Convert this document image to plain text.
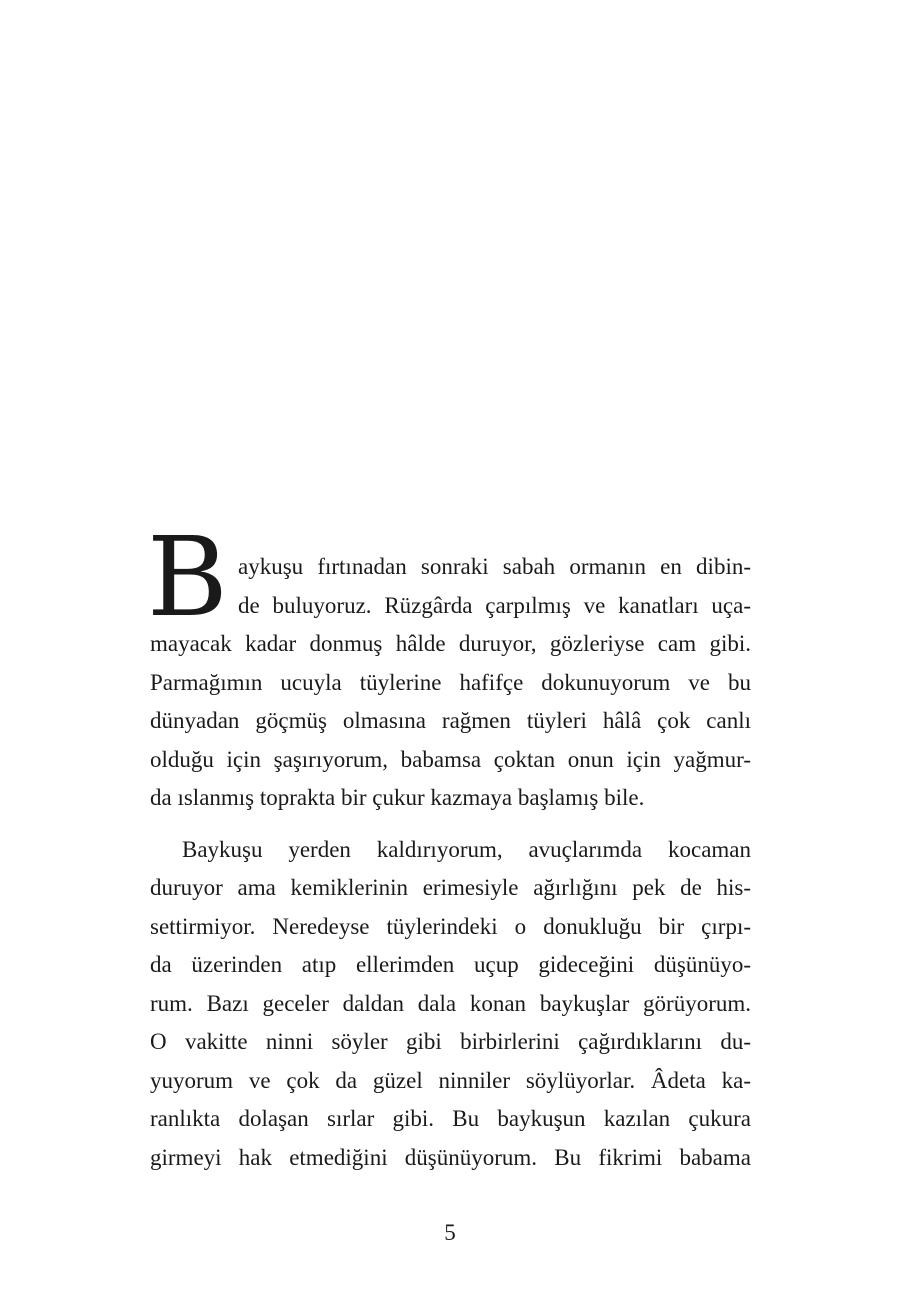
B aykuşu fırtınadan sonraki sabah ormanın en dibin-
de buluyoruz. Rüzgârda çarpılmış ve kanatları uça-
mayacak kadar donmuş hâlde duruyor, gözleriyse cam gibi.
Parmağımın ucuyla tüylerine hafifçe dokunuyorum ve bu
dünyadan göçmüş olmasına rağmen tüyleri hâlâ çok canlı
olduğu için şaşırıyorum, babamsa çoktan onun için yağmur-
da ıslanmış toprakta bir çukur kazmaya başlamış bile.
Baykuşu yerden kaldırıyorum, avuçlarımda kocaman
duruyor ama kemiklerinin erimesiyle ağırlığını pek de his-
settirmiyor. Neredeyse tüylerindeki o donukluğu bir çırpı-
da üzerinden atıp ellerimden uçup gideceğini düşünüyo-
rum. Bazı geceler daldan dala konan baykuşlar görüyorum.
O vakitte ninni söyler gibi birbirlerini çağırdıklarını du-
yuyorum ve çok da güzel ninniler söylüyorlar. Âdeta ka-
ranlıkta dolaşan sırlar gibi. Bu baykuşun kazılan çukura
girmeyi hak etmediğini düşünüyorum. Bu fikrimi babama
5
